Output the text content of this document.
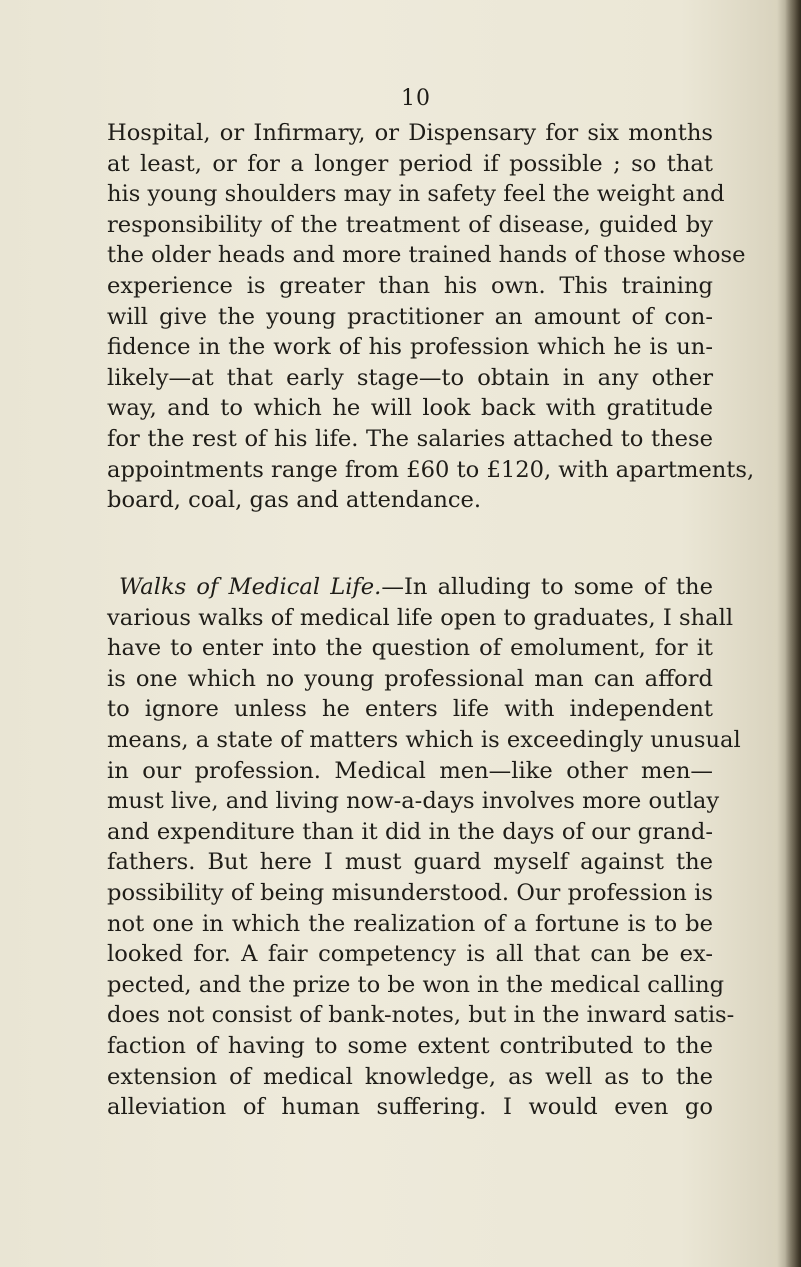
10

Hospital, or Infirmary, or Dispensary for six months
at least, or for a longer period if possible ; so that
his young shoulders may in safety feel the weight and
responsibility of the treatment of disease, guided by
the older heads and more trained hands of those whose
experience is greater than his own. This training
will give the young practitioner an amount of con-
fidence in the work of his profession which he is un-
likely—at that early stage—to obtain in any other
way, and to which he will look back with gratitude
for the rest of his life. The salaries attached to these
appointments range from £60 to £120, with apartments,
board, coal, gas and attendance.

Walks of Medical Life.—In alluding to some of the
various walks of medical life open to graduates, I shall
have to enter into the question of emolument, for it
is one which no young professional man can afford
to ignore unless he enters life with independent
means, a state of matters which is exceedingly unusual
in our profession. Medical men—like other men—
must live, and living now-a-days involves more outlay
and expenditure than it did in the days of our grand-
fathers. But here I must guard myself against the
possibility of being misunderstood. Our profession is
not one in which the realization of a fortune is to be
looked for. A fair competency is all that can be ex-
pected, and the prize to be won in the medical calling
does not consist of bank-notes, but in the inward satis-
faction of having to some extent contributed to the
extension of medical knowledge, as well as to the
alleviation of human suffering. I would even go
